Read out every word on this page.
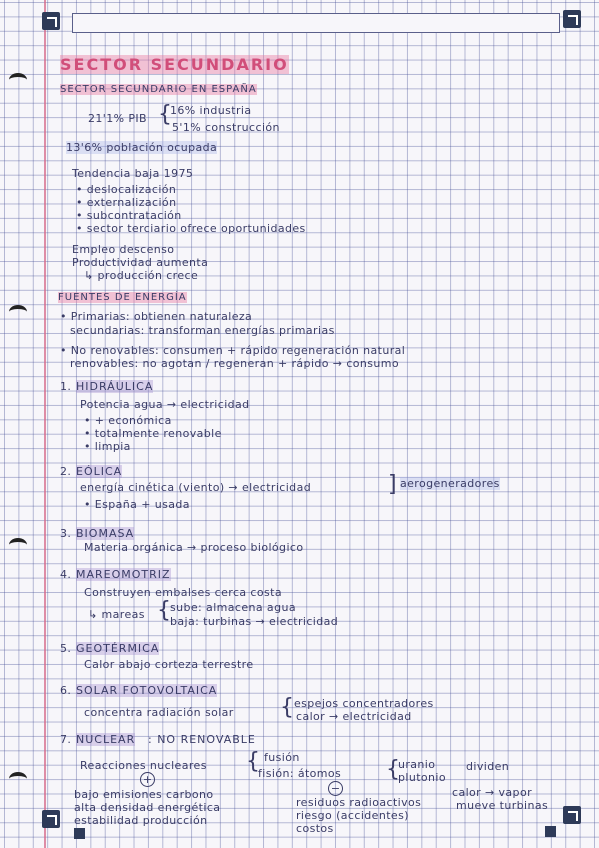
SECTOR SECUNDARIO
SECTOR SECUNDARIO EN ESPAÑA
21'1% PIB {
16% industria
5'1% construcción
13'6% población ocupada
Tendencia baja 1975
• deslocalización
• externalización
• subcontratación
• sector terciario ofrece oportunidades
Empleo descenso
Productividad aumenta
↳ producción crece
FUENTES DE ENERGÍA
• Primarias: obtienen naturaleza
secundarias: transforman energías primarias
• No renovables: consumen + rápido regeneración natural
renovables: no agotan / regeneran + rápido → consumo
1. HIDRÁULICA
Potencia agua → electricidad
• + económica
• totalmente renovable
• limpia
2. EÓLICA
energía cinética (viento) → electricidad	] aerogeneradores
• España + usada
3. BIOMASA
Materia orgánica → proceso biológico
4. MAREOMOTRIZ
Construyen embalses cerca costa
↳ mareas { sube: almacena agua
baja: turbinas → electricidad
5. GEOTÉRMICA
Calor abajo corteza terrestre
6. SOLAR FOTOVOLTAICA
concentra radiación solar { espejos concentradores
calor → electricidad
7. NUCLEAR : NO RENOVABLE
Reacciones nucleares { fusión
fisión: átomos {
uranio
plutonio
dividen
calor → vapor
mueve turbinas
+
−
bajo emisiones carbono
alta densidad energética
estabilidad producción
residuos radioactivos
riesgo (accidentes)
costos
